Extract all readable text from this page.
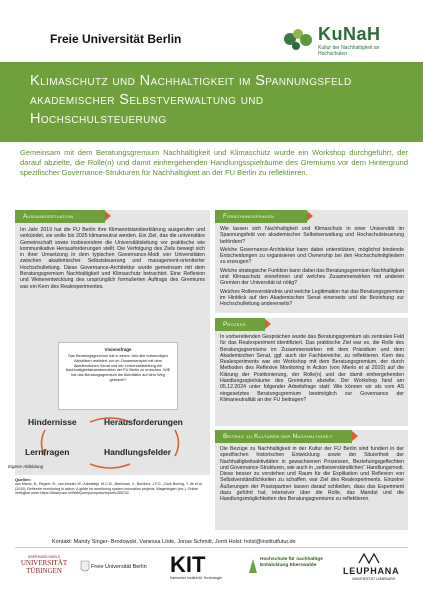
Freie Universität Berlin	KuNaH
Kultur der Nachhaltigkeit an Hochschulen
Klimaschutz und Nachhaltigkeit im Spannungsfeld akademischer Selbstverwaltung und Hochschulsteuerung
Gemeinsam mit dem Beratungsgremium Nachhaltigkeit und Klimaschutz wurde ein Workshop durchgeführt, der darauf abzielte, die Rolle(n) und damit einhergehenden Handlungsspielräume des Gremiums vor dem Hintergrund spezifischer Governance-Strukturen für Nachhaltigkeit an der FU Berlin zu reflektieren.
Ausgangssituation
Im Jahr 2019 hat die FU Berlin ihre Klimanotstandserklärung ausgerufen und verkündet, sie wolle bis 2025 klimaneutral werden. Ein Ziel, das die universitäre Gemeinschaft sowie insbesondere die Universitätsleitung vor praktische wie kommunikative Herausforderungen stellt. Die Verfolgung des Ziels bewegt sich in ihrer Umsetzung in dem typischen Governance-Modi von Universitäten zwischen akademischer Selbststeuerung und management-orientierter Hochschulleitung. Diese Governance-Architektur wurde gemeinsam mit dem Beratungsgremium Nachhaltigkeit und Klimaschutz betrachtet. Eine Reflexion und Weiterentwicklung des ursprünglich formulierten Auftrags des Gremiums war ein Kern des Realexperimentes.
Visionsfrage
Das Beratungsgremium hat in einem Jahr alle notwendigen Aktivitäten realisiert, um im Zusammenspiel mit dem Akademischen Senat und der Universitätsleitung die Nachhaltigkeitstransformation der FU Berlin zu erreichen. WIE hat das Beratungsgremium die Aktivitäten auf dem Weg gebracht?
Hindernisse	Herausforderungen
Lernfragen	Handlungsfelder
Eigene Abbildung
Quellen:
van Mierlo, B., Regeer, B., van Amstel, M., Arkesteijn, M.C.M., Beekman, V., Bunders, J.F.G., Cock Buning, T. de et al. (2010). Reflexive monitoring in action: A guide for monitoring system innovation projects. Wageningen (etc.). Online verfügbar unter https://library.wur.nl/WebQuery/wurpubs/reports/395732.
Forschungsfragen

Wie lassen sich Nachhaltigkeit und Klimaschutz in einer Universität im Spannungsfeld von akademischer Selbstverwaltung und Hochschulsteuerung befördern?

Welche Governance-Architektur kann dabei unterstützen, möglichst bindende Entscheidungen zu organisieren und Ownership bei den Hochschulmitgliedern zu erzeugen?

Welche strategische Funktion kann dabei das Beratungsgremium Nachhaltigkeit und Klimaschutz einnehmen und welches Zusammenwirken mit anderen Gremien der Universität ist nötig?

Welches Rollenverständnis und welche Legitimation hat das Beratungsgremium im Hinblick auf den Akademischen Senat einerseits und die Beziehung zur Hochschulleitung andererseits?

Prozess
In vorbereitenden Gesprächen wurde das Beratungsgremium als zentrales Feld für das Realexperiment identifiziert. Das praktische Ziel war es, die Rolle des Beratungsgremiums im Zusammenwirken mit dem Präsidium und dem Akademischen Senat, ggf. auch der Fachbereiche, zu reflektieren. Kern des Realexperiments war ein Workshop mit dem Beratungsgremium, der durch Methoden des Reflexive Monitoring in Action (von Mierlo et al 2010) auf die Klärung der Positionierung, der Rolle(n) und der damit einhergehenden Handlungsspielräume des Gremiums abzielte. Der Workshop fand am 05.12.2024 unter folgender Arbeitsfrage statt: Wie können wir als vom AS eingesetztes Beratungsgremium bestmöglich zur Governance der Klimaneutralität an der FU beitragen?
Beitrag zu Kulturen der Nachhaltigkeit
Die Bezüge zu Nachhaltigkeit in der Kultur der FU Berlin sind fundiert in der spezifischen historischen Entwicklung sowie der Situiertheit der Nachhaltigkeitsaktivitäten in gewachsenen Prozessen, Beziehungsgeflechten und Governance-Strukturen, wie auch in „selbstverständlichen“ Handlungsmodi. Diese besser zu verstehen und Raum für die Explikation und Reflexion von Selbstverständlichkeiten zu schaffen, war Ziel des Realexperiments. Einzelne Äußerungen der Praxispartner lassen darauf schließen, dass das Experiment dazu geführt hat, intensiver über die Rolle, das Mandat und die Handlungsmöglichkeiten des Beratungsgremiums zu reflektieren.
Kontakt: Mandy Singer- Brodowski, Vanessa Löde, Jonas Schmitt, Jorrit Holst: holst@institutfutur.de
EBERHARD KARLS
UNIVERSITÄT TÜBINGEN	Freie Universität Berlin KIT
Karlsruher Institut für Technologie
Hochschule für nachhaltige Entwicklung Eberswalde
LEUPHANA
UNIVERSITÄT LÜNEBURG
